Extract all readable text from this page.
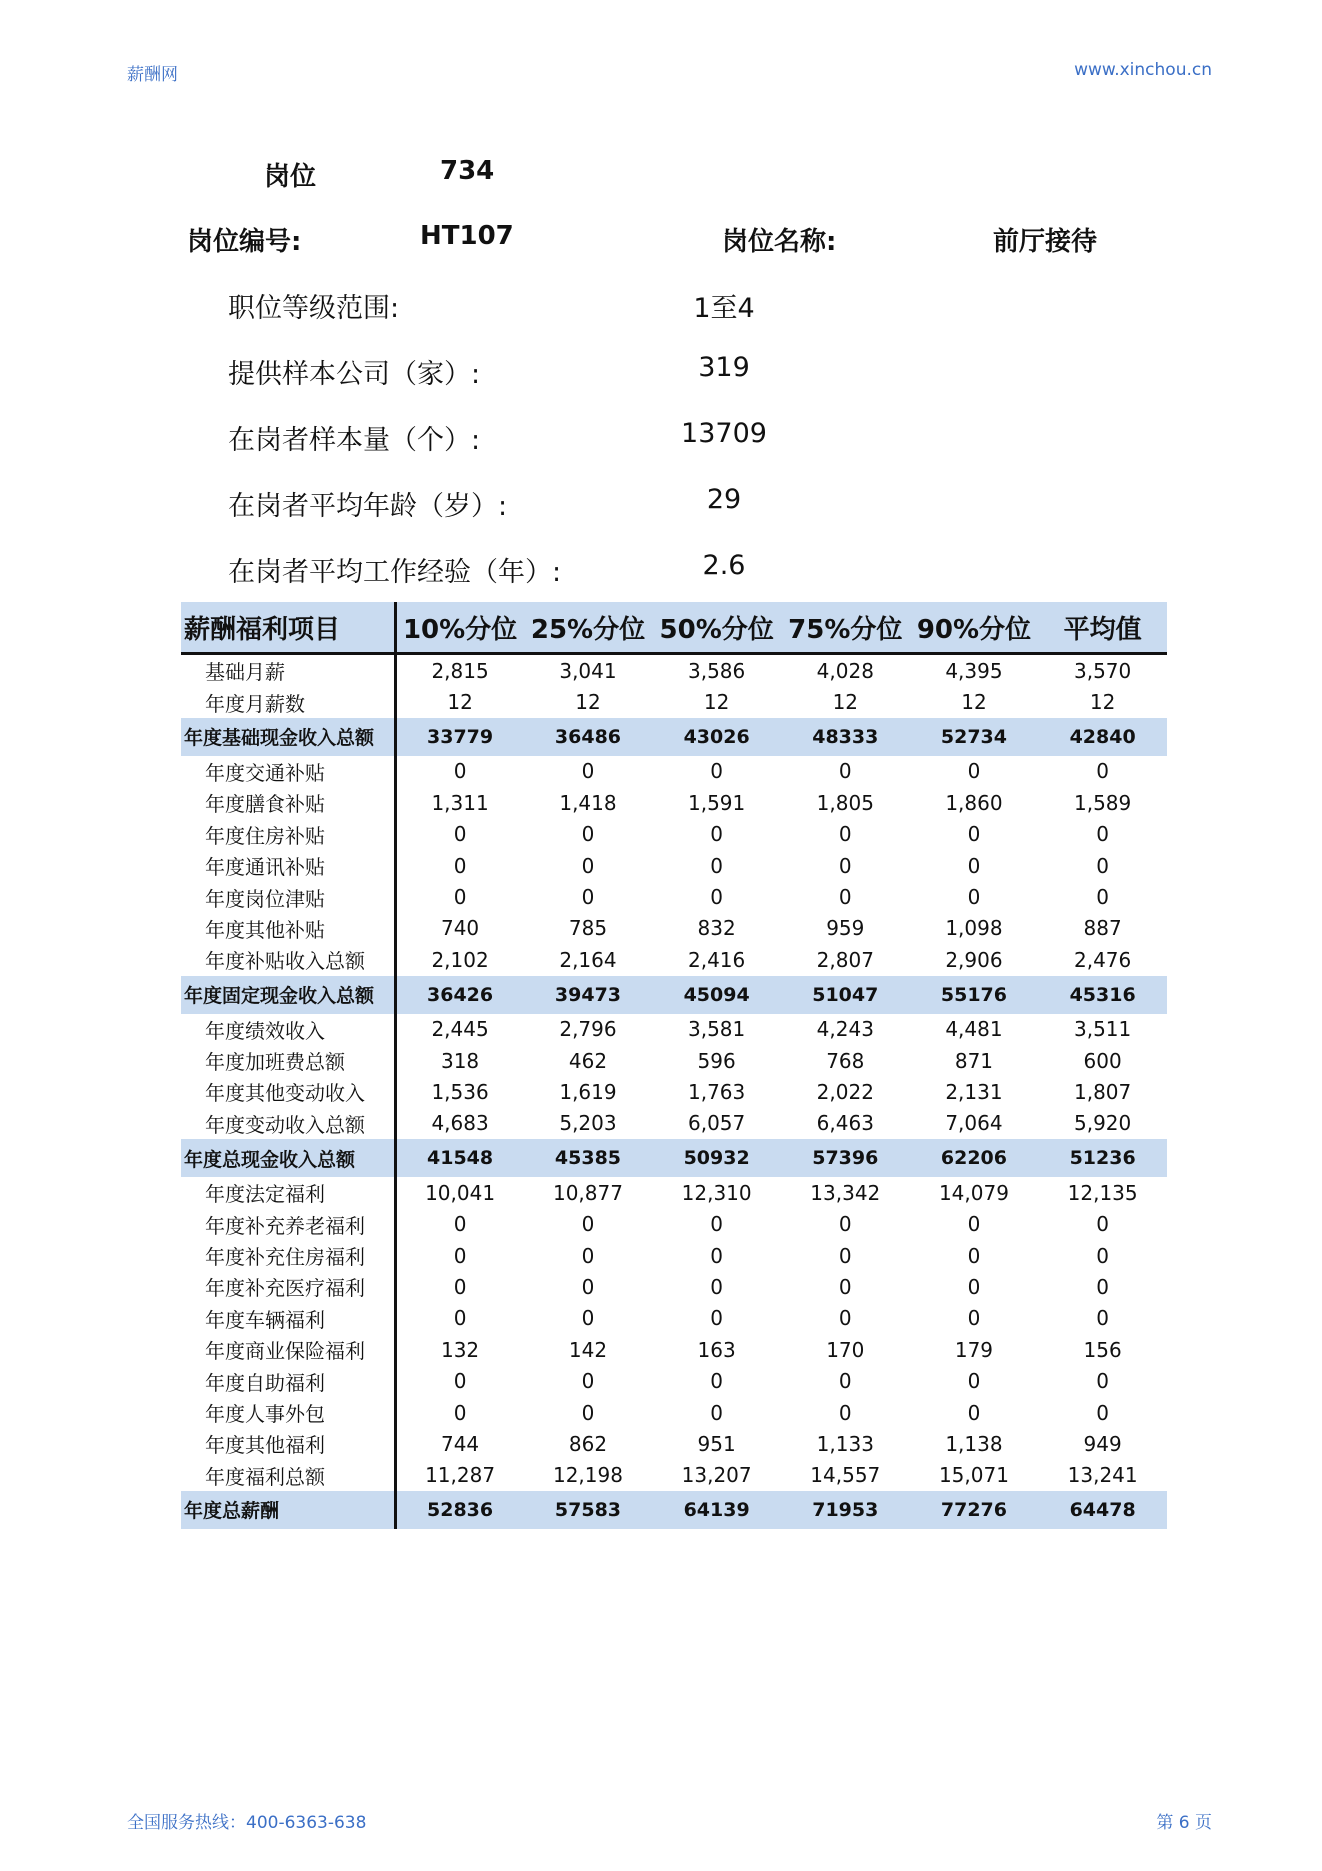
薪酬网	www.xinchou.cn
岗位	734
岗位编号:	HT107	岗位名称:	前厅接待
职位等级范围:	1至4
提供样本公司（家）:	319
在岗者样本量（个）:	13709
在岗者平均年龄（岁）:	29
在岗者平均工作经验（年）:	2.6
薪酬福利项目	10%分位	25%分位	50%分位	75%分位	90%分位	平均值
基础月薪	2,815	3,041	3,586	4,028	4,395	3,570
年度月薪数	12	12	12	12	12	12
年度基础现金收入总额	33779	36486	43026	48333	52734	42840
年度交通补贴	0	0	0	0	0	0
年度膳食补贴	1,311	1,418	1,591	1,805	1,860	1,589
年度住房补贴	0	0	0	0	0	0
年度通讯补贴	0	0	0	0	0	0
年度岗位津贴	0	0	0	0	0	0
年度其他补贴	740	785	832	959	1,098	887
年度补贴收入总额	2,102	2,164	2,416	2,807	2,906	2,476
年度固定现金收入总额	36426	39473	45094	51047	55176	45316
年度绩效收入	2,445	2,796	3,581	4,243	4,481	3,511
年度加班费总额	318	462	596	768	871	600
年度其他变动收入	1,536	1,619	1,763	2,022	2,131	1,807
年度变动收入总额	4,683	5,203	6,057	6,463	7,064	5,920
年度总现金收入总额	41548	45385	50932	57396	62206	51236
年度法定福利	10,041	10,877	12,310	13,342	14,079	12,135
年度补充养老福利	0	0	0	0	0	0
年度补充住房福利	0	0	0	0	0	0
年度补充医疗福利	0	0	0	0	0	0
年度车辆福利	0	0	0	0	0	0
年度商业保险福利	132	142	163	170	179	156
年度自助福利	0	0	0	0	0	0
年度人事外包	0	0	0	0	0	0
年度其他福利	744	862	951	1,133	1,138	949
年度福利总额	11,287	12,198	13,207	14,557	15,071	13,241
年度总薪酬	52836	57583	64139	71953	77276	64478
全国服务热线：400-6363-638	第 6 页
